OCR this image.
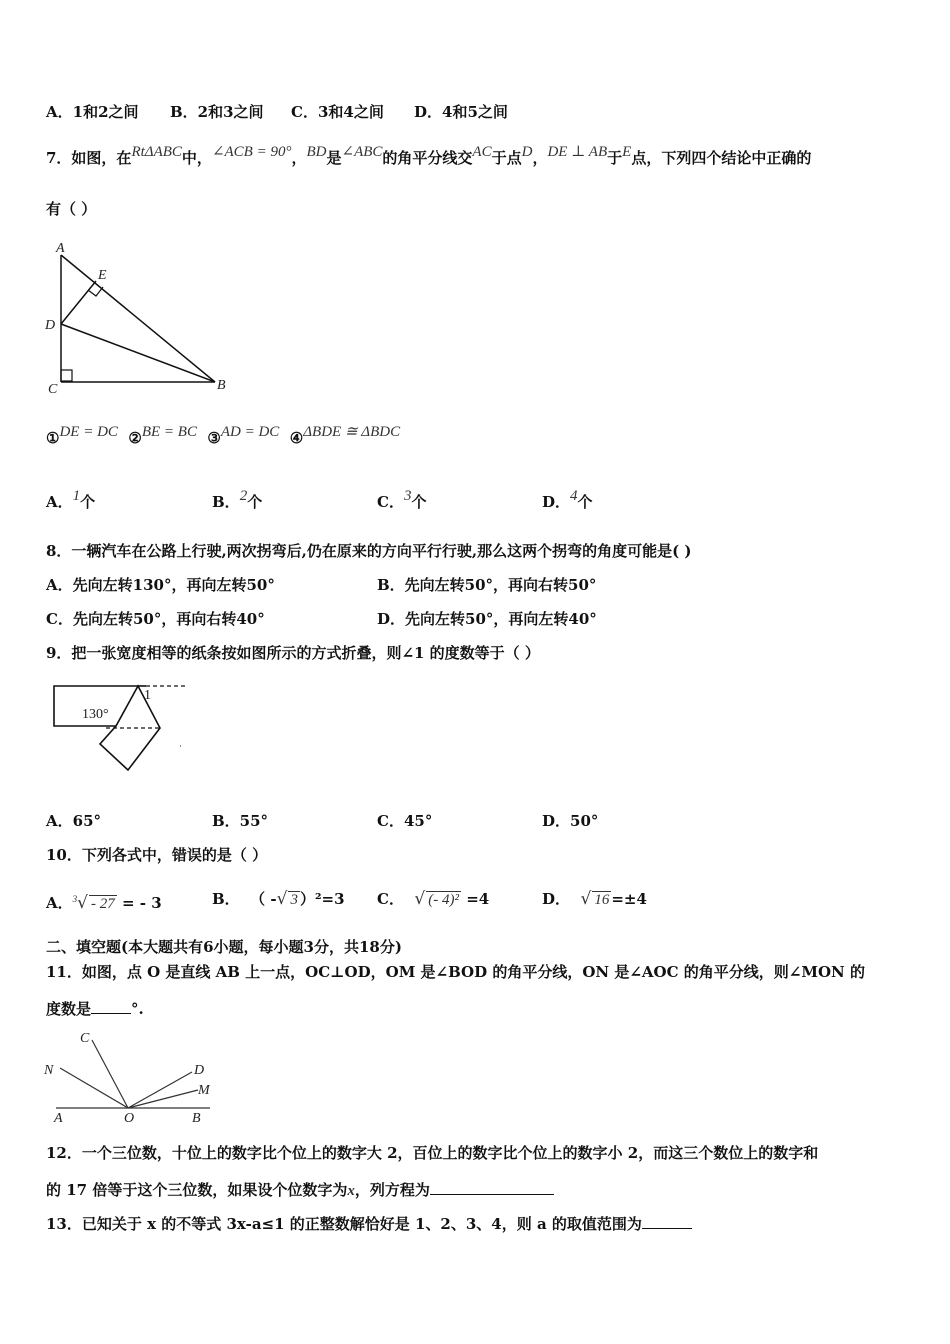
A．1和2之间 B．2和3之间 C．3和4之间 D．4和5之间
7．如图，在RtΔABC中，∠ACB = 90°，BD是∠ABC的角平分线交AC于点D，DE ⊥ AB于E点，下列四个结论中正确的
有（ ）
A
E
D
C	B
①DE = DC ②BE = BC ③AD = DC ④ΔBDE ≅ ΔBDC
A．1个	B．2个	C．3个	D．4个
8．一辆汽车在公路上行驶,两次拐弯后,仍在原来的方向平行行驶,那么这两个拐弯的角度可能是( )
A．先向左转130°，再向左转50°	B．先向左转50°，再向右转50°
C．先向左转50°，再向右转40°	D．先向左转50°，再向左转40°
9．把一张宽度相等的纸条按如图所示的方式折叠，则∠1 的度数等于（ ）
130°
1
A．65°	B．55°	C．45°	D．50°
10．下列各式中，错误的是（ ）
A．$^3$√ - 27 = - 3	B． （ -√ 3 ）²=3 C． √ (- 4)² =4	D． √ 16 =±4
二、填空题(本大题共有6小题，每小题3分，共18分)
11．如图，点 O 是直线 AB 上一点，OC⊥OD，OM 是∠BOD 的角平分线，ON 是∠AOC 的角平分线，则∠MON 的
度数是	°.
C
N	D
M
A	O	B
12．一个三位数，十位上的数字比个位上的数字大 2，百位上的数字比个位上的数字小 2，而这三个数位上的数字和
的 17 倍等于这个三位数，如果设个位数字为x，列方程为
13．已知关于 x 的不等式 3x-a≤1 的正整数解恰好是 1、2、3、4，则 a 的取值范围为
